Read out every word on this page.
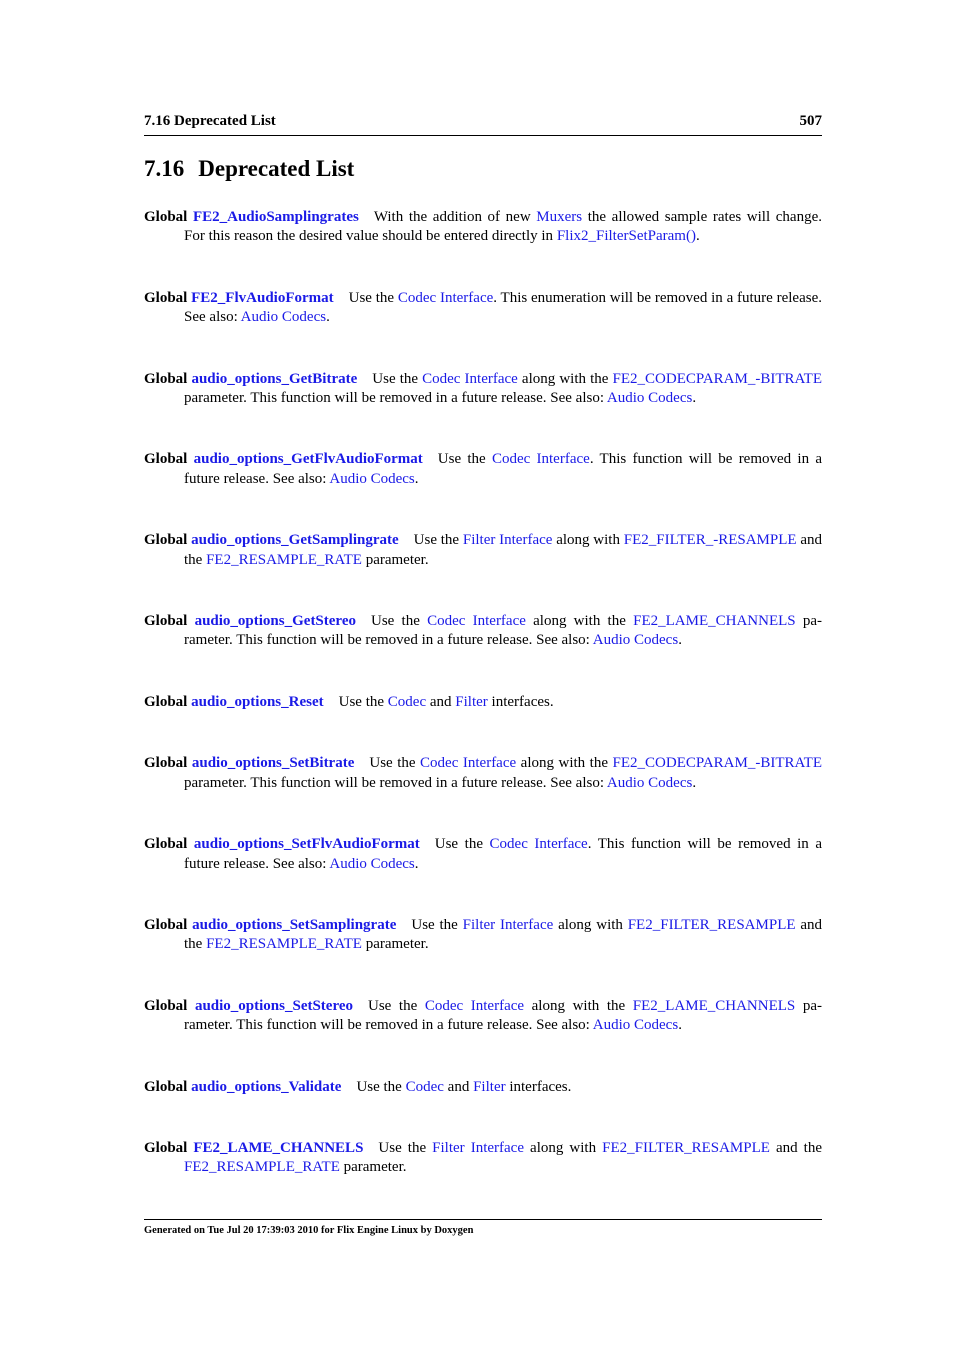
7.16 Deprecated List	507
7.16 Deprecated List

Global FE2_AudioSamplingrates  With the addition of new Muxers the allowed sample rates will change. For this reason the desired value should be entered directly in Flix2_FilterSetParam().

Global FE2_FlvAudioFormat  Use the Codec Interface. This enumeration will be removed in a future release. See also: Audio Codecs.

Global audio_options_GetBitrate  Use the Codec Interface along with the FE2_CODECPARAM_-BITRATE parameter. This function will be removed in a future release. See also: Audio Codecs.

Global audio_options_GetFlvAudioFormat  Use the Codec Interface. This function will be removed in a future release. See also: Audio Codecs.

Global audio_options_GetSamplingrate  Use the Filter Interface along with FE2_FILTER_-RESAMPLE and the FE2_RESAMPLE_RATE parameter.

Global audio_options_GetStereo  Use the Codec Interface along with the FE2_LAME_CHANNELS pa-rameter. This function will be removed in a future release. See also: Audio Codecs.

Global audio_options_Reset  Use the Codec and Filter interfaces.

Global audio_options_SetBitrate  Use the Codec Interface along with the FE2_CODECPARAM_-BITRATE parameter. This function will be removed in a future release. See also: Audio Codecs.

Global audio_options_SetFlvAudioFormat  Use the Codec Interface. This function will be removed in a future release. See also: Audio Codecs.

Global audio_options_SetSamplingrate  Use the Filter Interface along with FE2_FILTER_RESAMPLE and the FE2_RESAMPLE_RATE parameter.

Global audio_options_SetStereo  Use the Codec Interface along with the FE2_LAME_CHANNELS pa-rameter. This function will be removed in a future release. See also: Audio Codecs.

Global audio_options_Validate  Use the Codec and Filter interfaces.

Global FE2_LAME_CHANNELS  Use the Filter Interface along with FE2_FILTER_RESAMPLE and the FE2_RESAMPLE_RATE parameter.

Generated on Tue Jul 20 17:39:03 2010 for Flix Engine Linux by Doxygen
